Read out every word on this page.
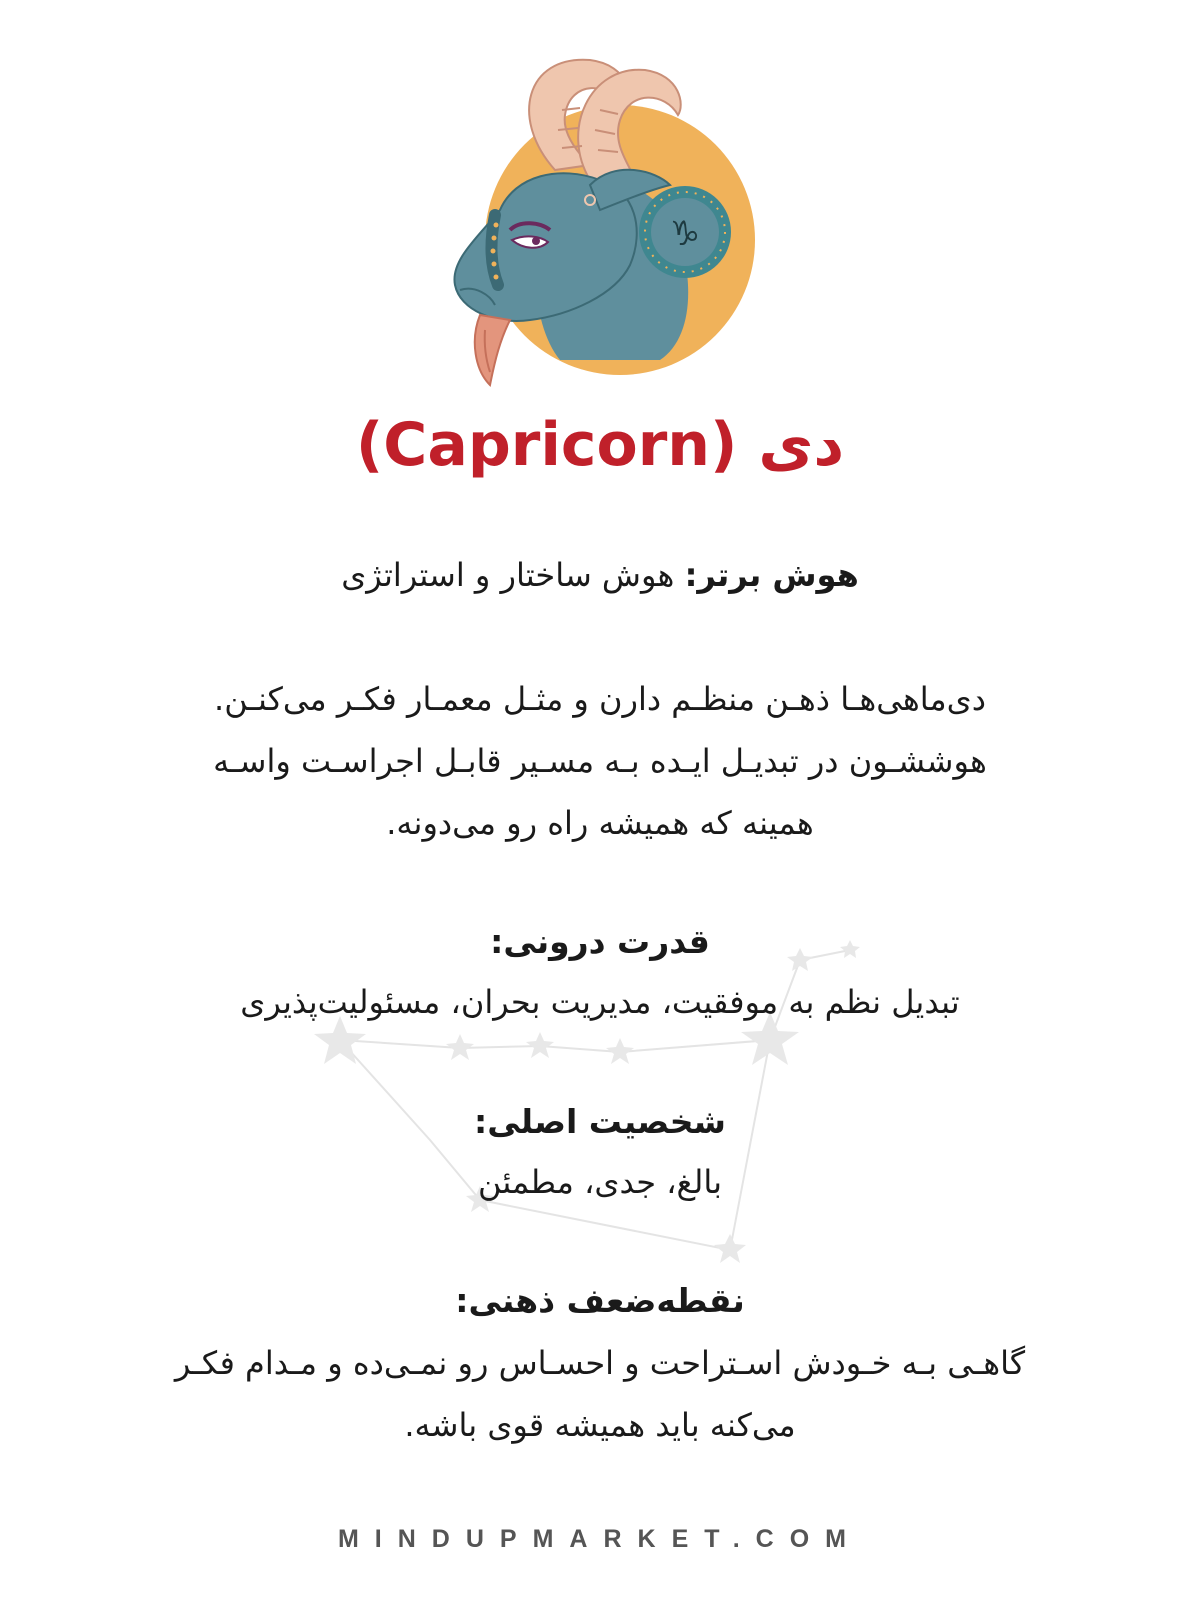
♑
دی (Capricorn)
هوش برتر: هوش ساختار و استراتژی
دی‌ماهی‌هـا ذهـن منظـم دارن و مثـل معمـار فکـر می‌کنـن.
هوششـون در تبدیـل ایـده بـه مسـیر قابـل اجراسـت واسـه
همینه که همیشه راه رو می‌دونه.
قدرت درونی:
تبدیل نظم به موفقیت، مدیریت بحران، مسئولیت‌پذیری
شخصیت اصلی:
بالغ، جدی، مطمئن
نقطه‌ضعف ذهنی:
گاهـی بـه خـودش اسـتراحت و احسـاس رو نمـی‌ده و مـدام فکـر
می‌کنه باید همیشه قوی باشه.
MINDUPMARKET.COM
